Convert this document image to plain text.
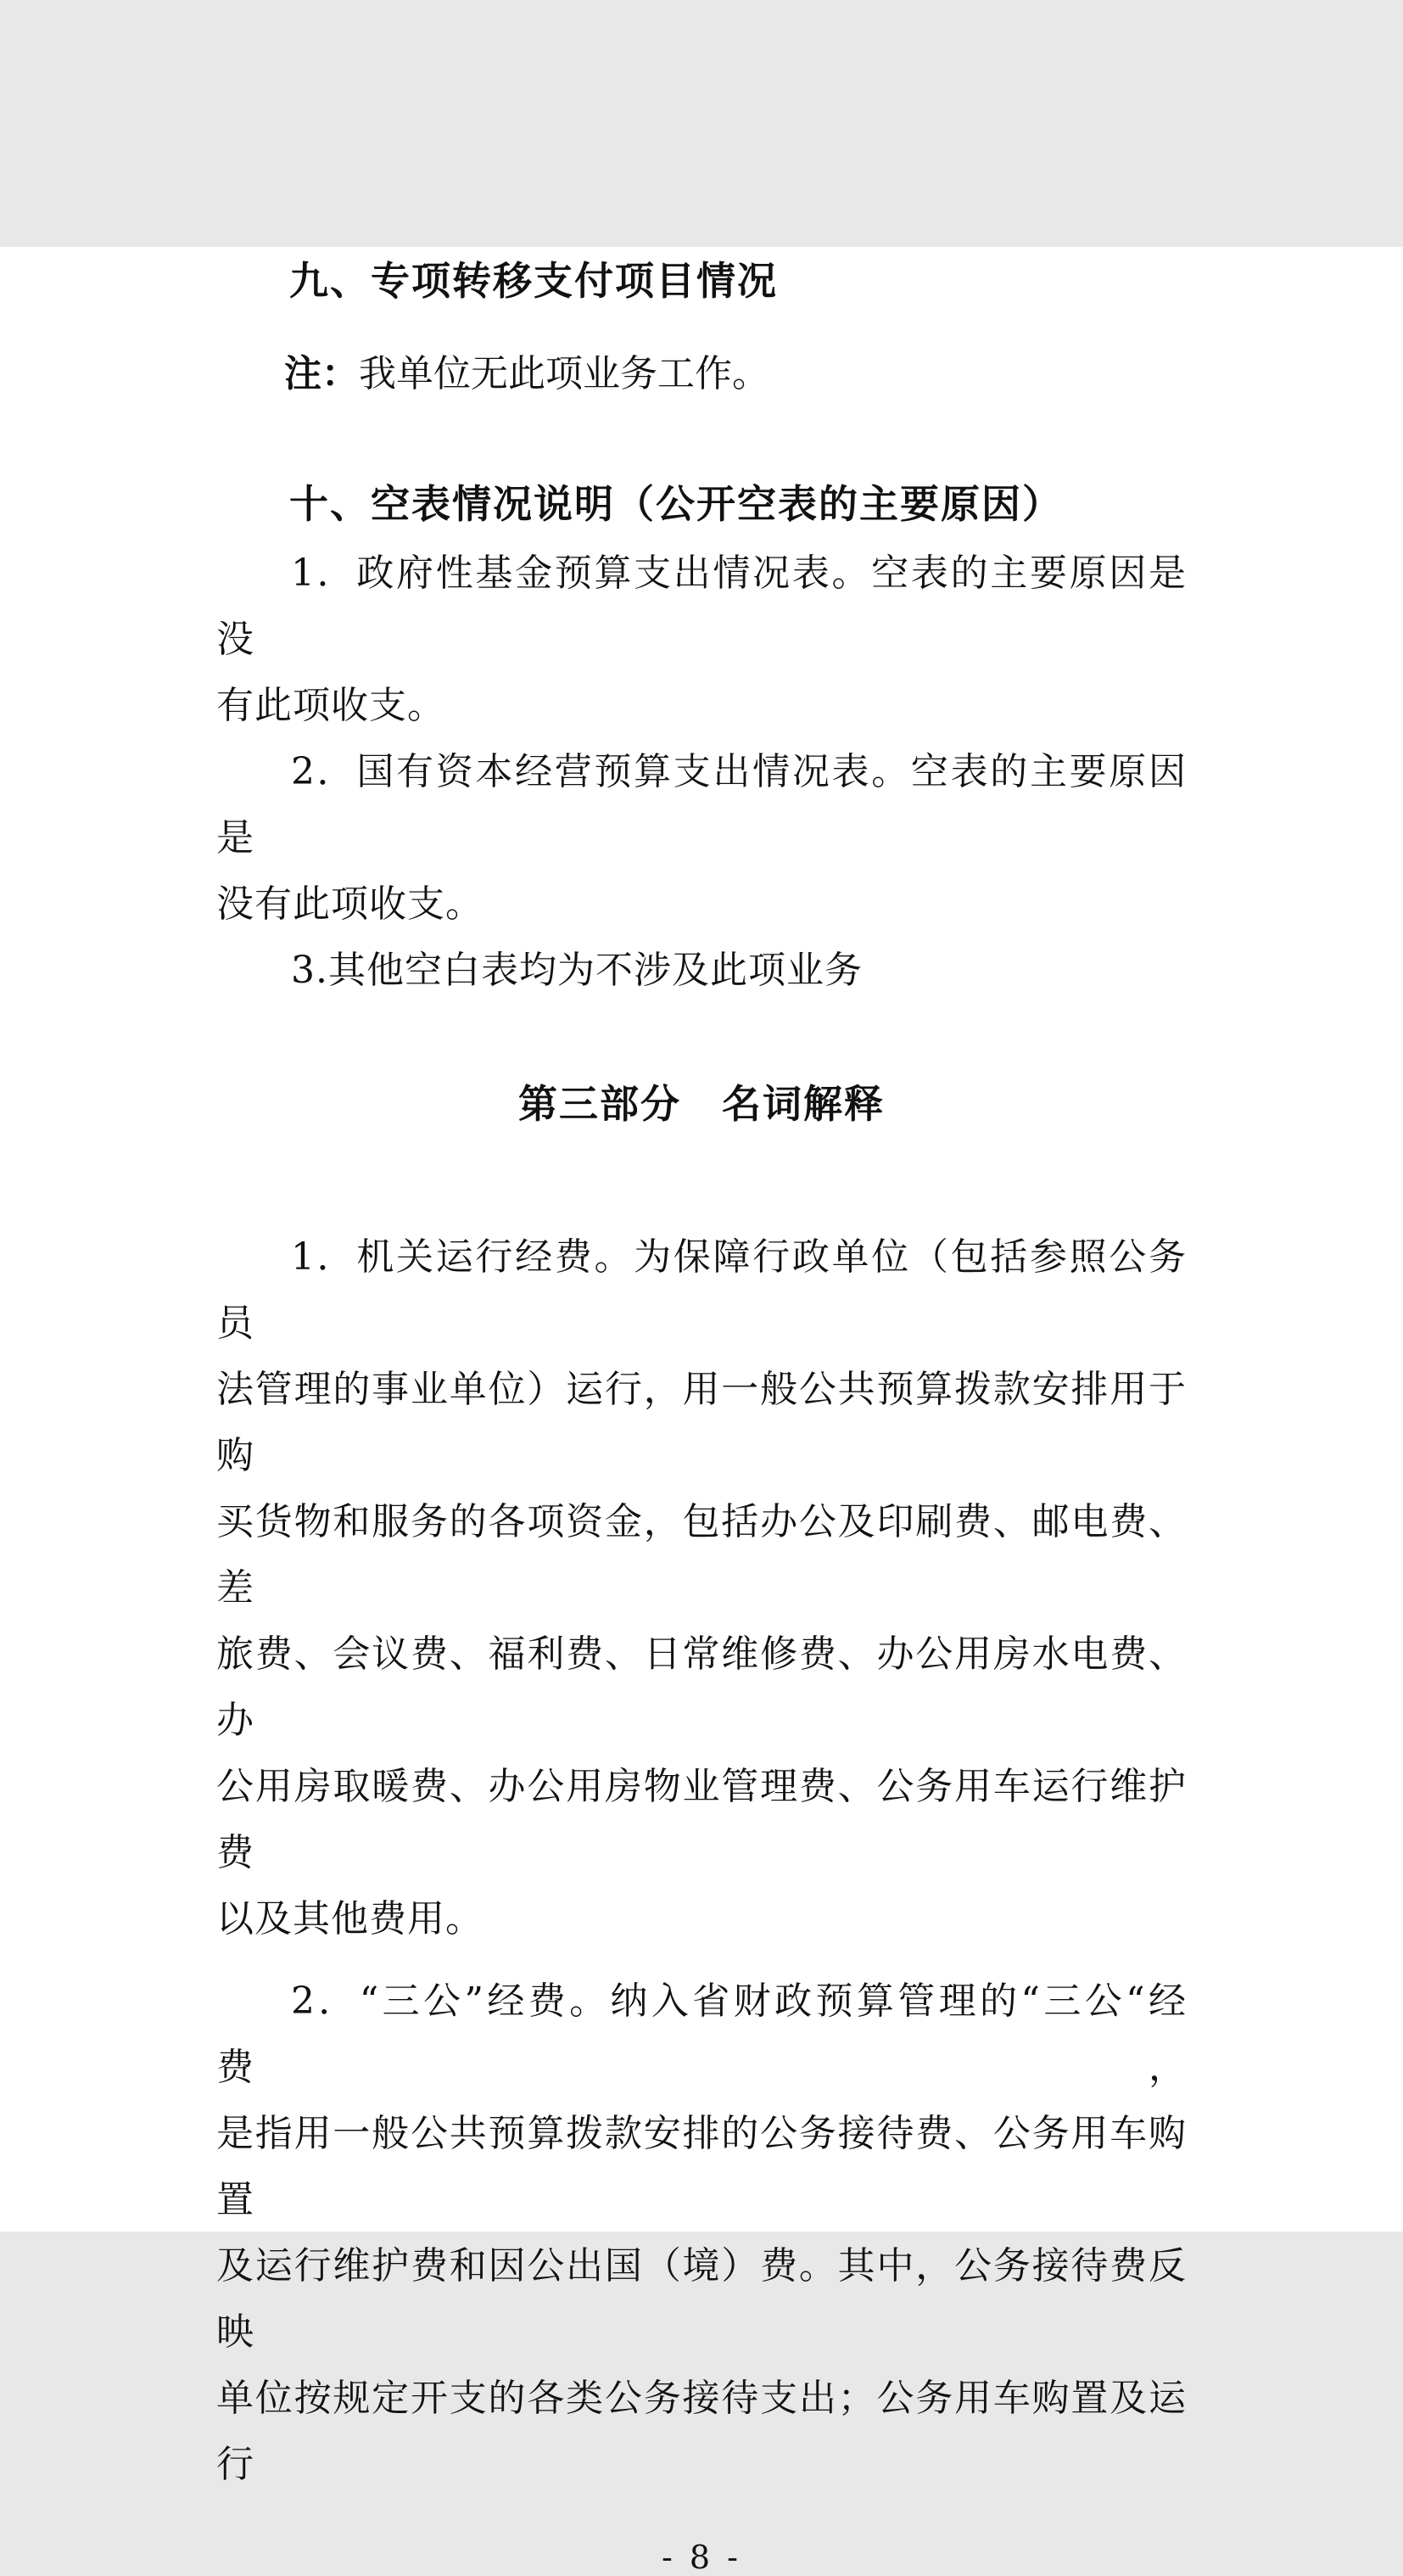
九、专项转移支付项目情况
注：我单位无此项业务工作。
十、空表情况说明（公开空表的主要原因）
1．政府性基金预算支出情况表。空表的主要原因是没
有此项收支。
2．国有资本经营预算支出情况表。空表的主要原因是
没有此项收支。
3.其他空白表均为不涉及此项业务
第三部分　名词解释
1．机关运行经费。为保障行政单位（包括参照公务员
法管理的事业单位）运行，用一般公共预算拨款安排用于购
买货物和服务的各项资金，包括办公及印刷费、邮电费、差
旅费、会议费、福利费、日常维修费、办公用房水电费、办
公用房取暖费、办公用房物业管理费、公务用车运行维护费
以及其他费用。
2．“三公”经费。纳入省财政预算管理的“三公“经费，
是指用一般公共预算拨款安排的公务接待费、公务用车购置
及运行维护费和因公出国（境）费。其中，公务接待费反映
单位按规定开支的各类公务接待支出；公务用车购置及运行
- 8 -
